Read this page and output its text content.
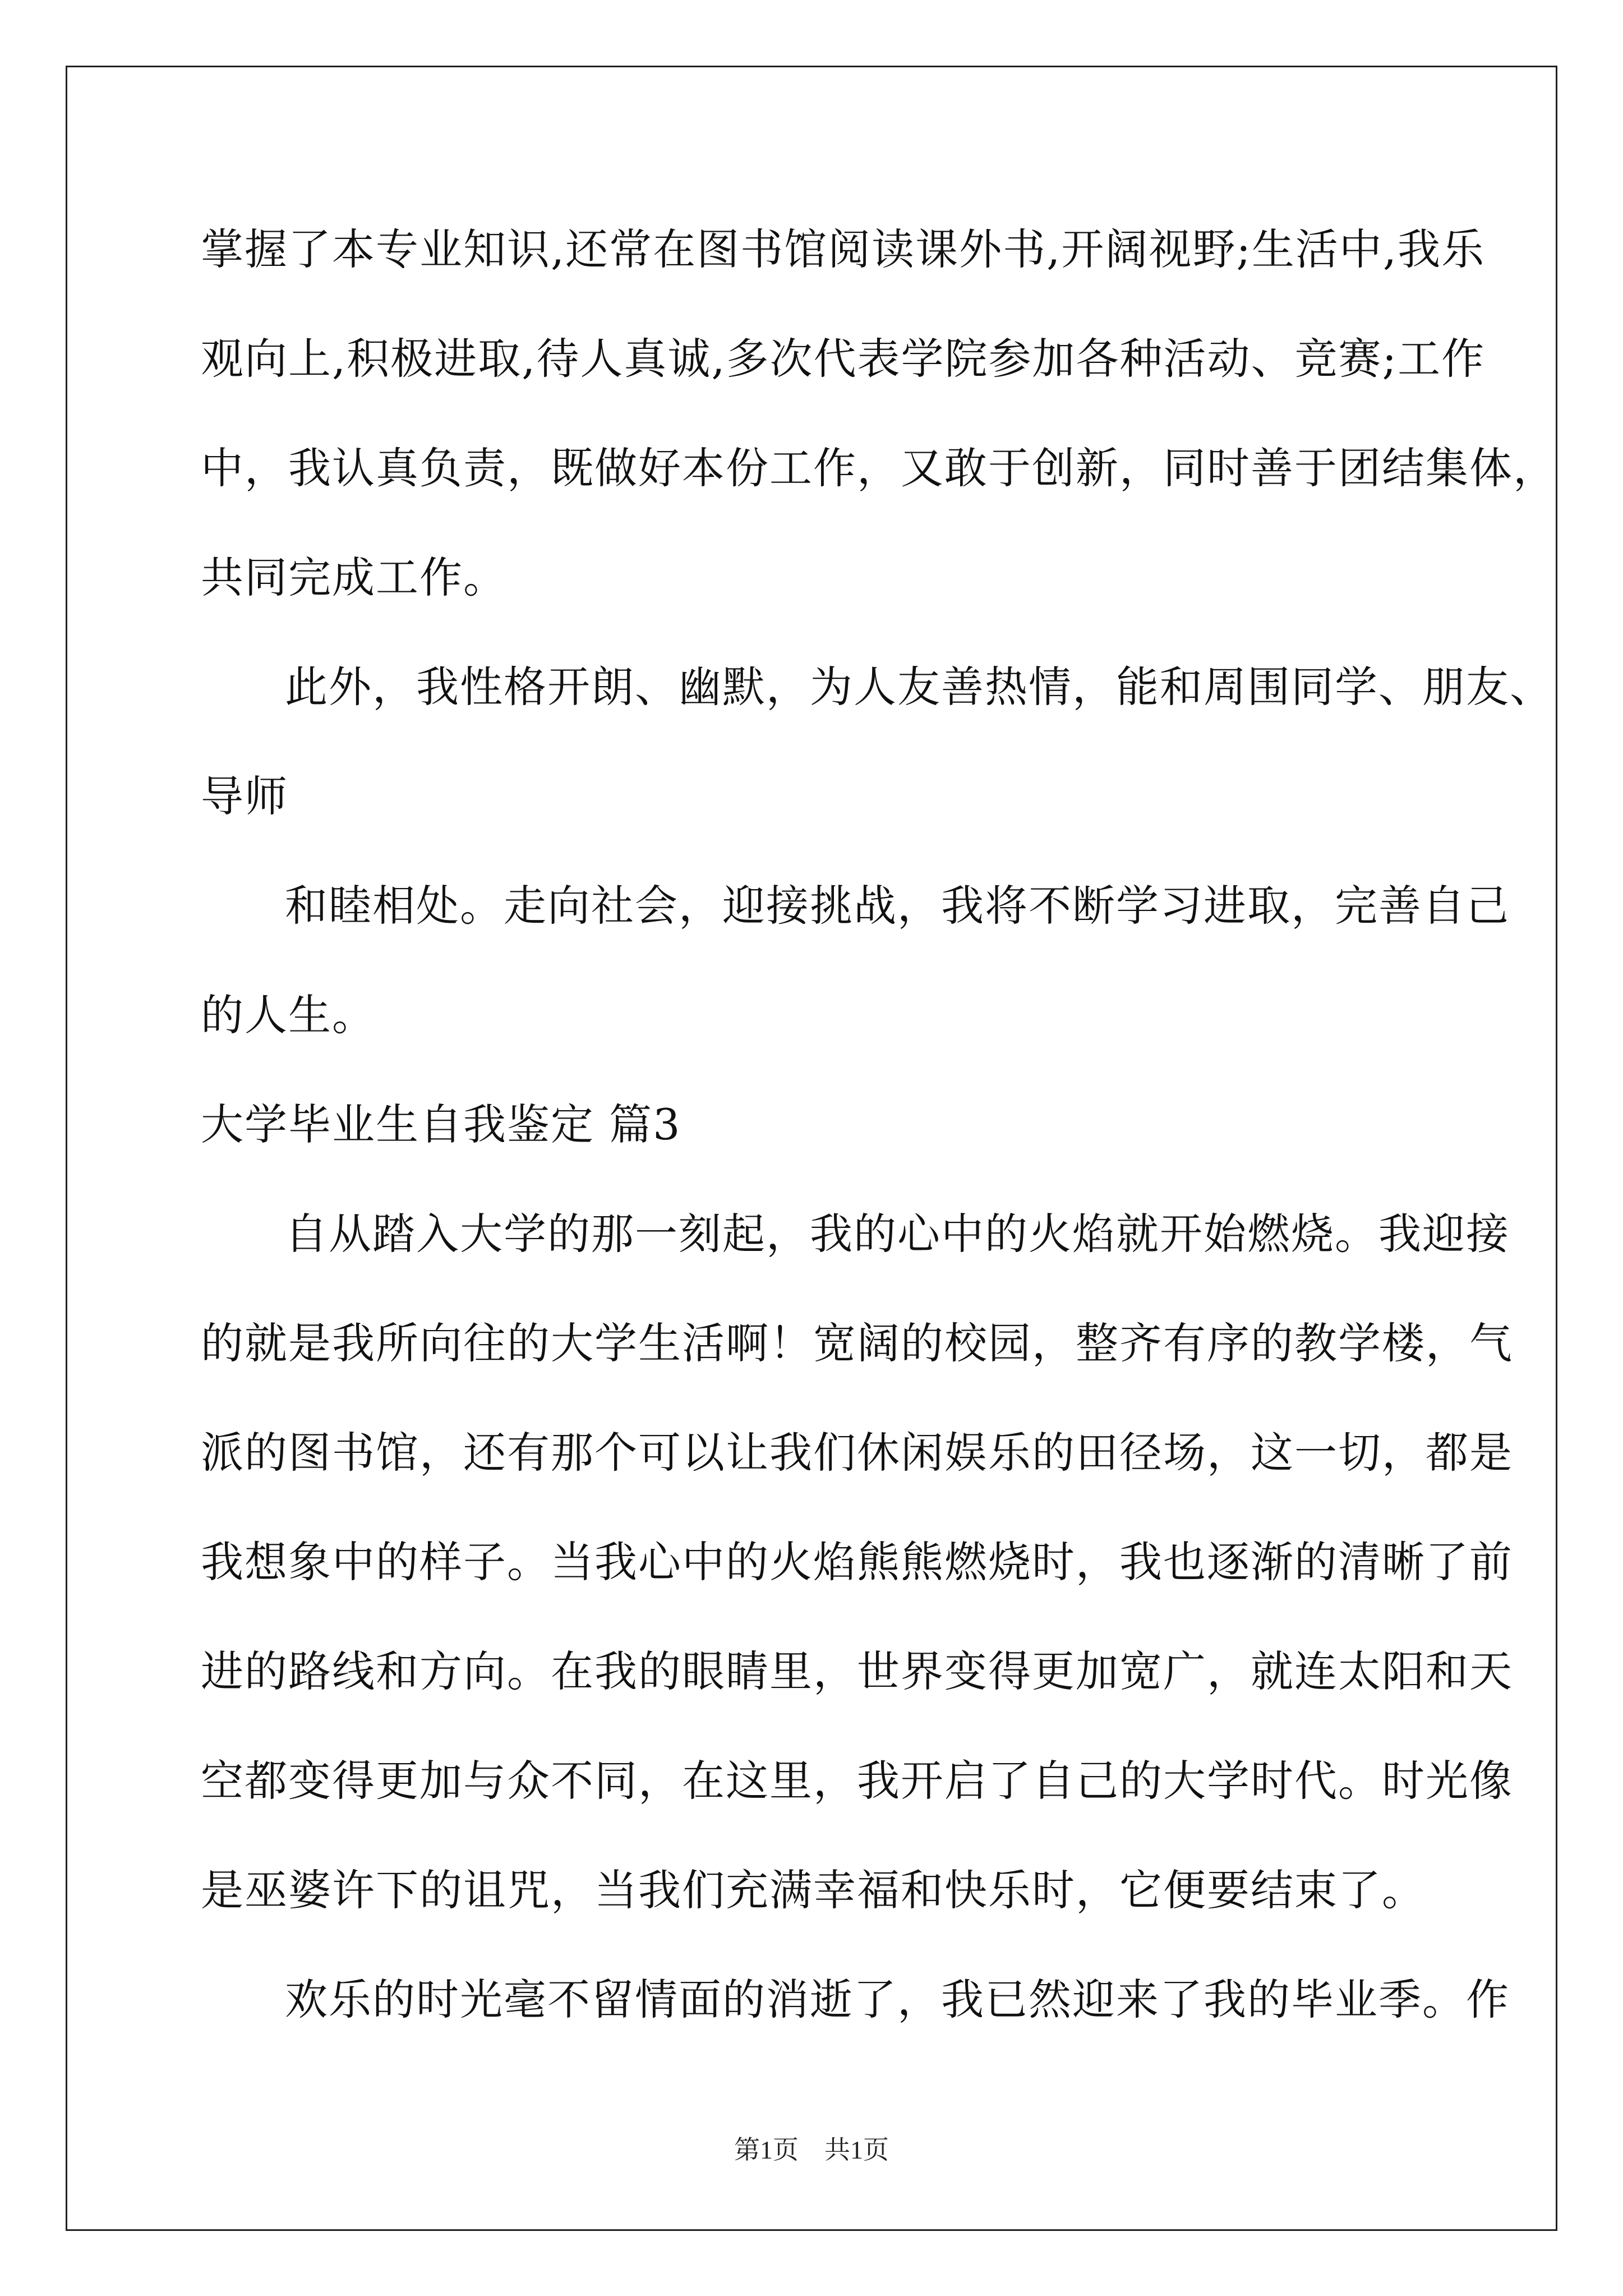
掌握了本专业知识,还常在图书馆阅读课外书,开阔视野;生活中,我乐
观向上,积极进取,待人真诚,多次代表学院参加各种活动、竞赛;工作
中，我认真负责，既做好本份工作，又敢于创新，同时善于团结集体，
共同完成工作。
此外，我性格开朗、幽默，为人友善热情，能和周围同学、朋友、
导师
和睦相处。走向社会，迎接挑战，我将不断学习进取，完善自己
的人生。
大学毕业生自我鉴定 篇3
自从踏入大学的那一刻起，我的心中的火焰就开始燃烧。我迎接
的就是我所向往的大学生活啊！宽阔的校园，整齐有序的教学楼，气
派的图书馆，还有那个可以让我们休闲娱乐的田径场，这一切，都是
我想象中的样子。当我心中的火焰熊熊燃烧时，我也逐渐的清晰了前
进的路线和方向。在我的眼睛里，世界变得更加宽广，就连太阳和天
空都变得更加与众不同，在这里，我开启了自己的大学时代。时光像
是巫婆许下的诅咒，当我们充满幸福和快乐时，它便要结束了。
欢乐的时光毫不留情面的消逝了，我已然迎来了我的毕业季。作
第1页　共1页
